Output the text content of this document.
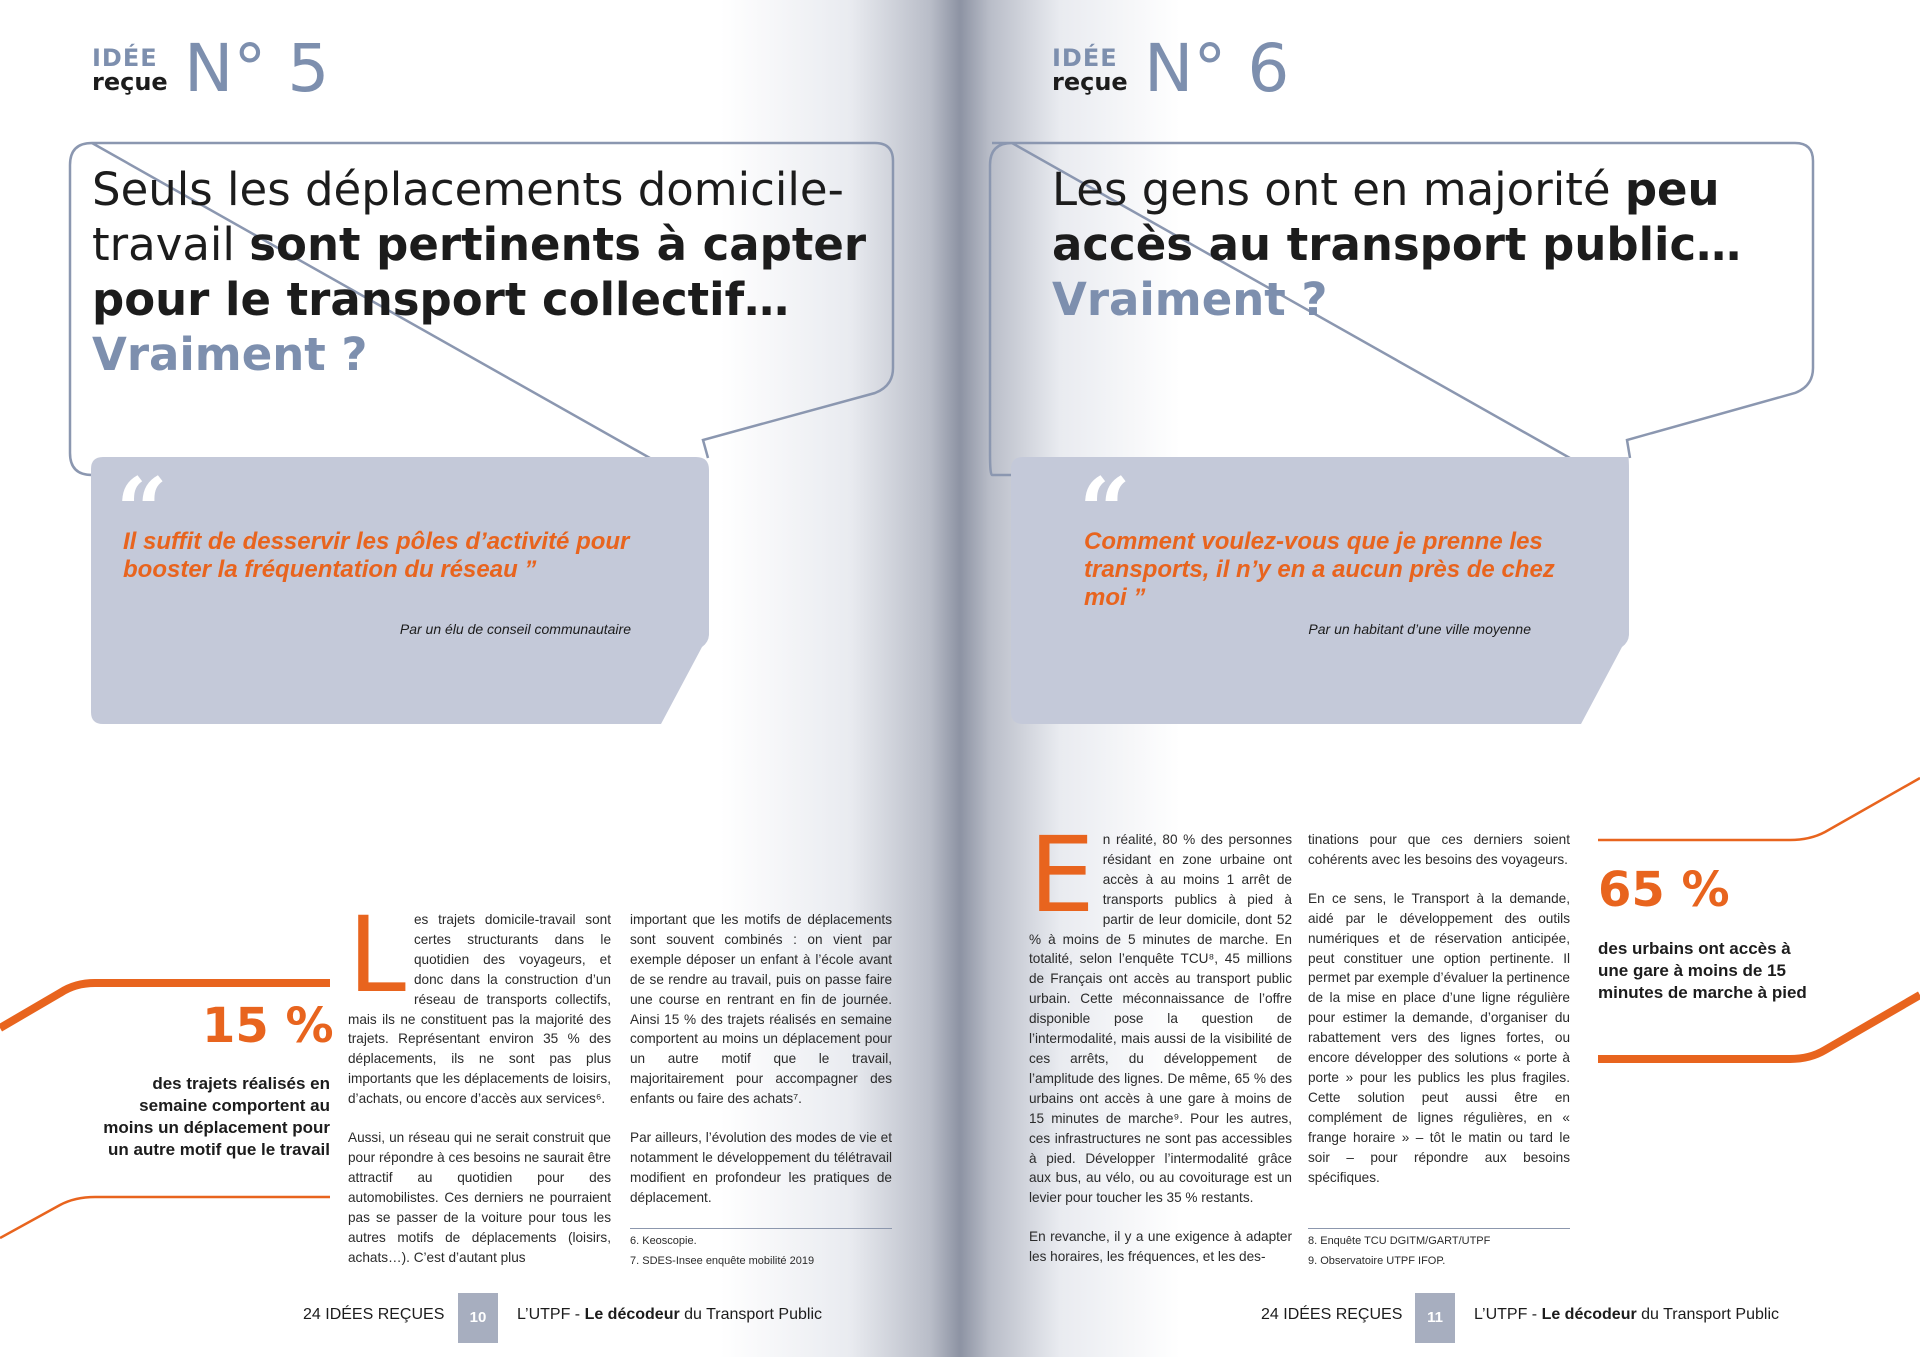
IDÉE
reçue N° 5
Seuls les déplacements domicile-travail sont pertinents à capter pour le transport collectif… Vraiment ?
“

Il suffit de desservir les pôles d’activité pour booster la fréquentation du réseau ”

Par un élu de conseil communautaire

15 %

des trajets réalisés en semaine comportent au moins un déplacement pour un autre motif que le travail

Les trajets domicile-travail sont certes structurants dans le quotidien des voyageurs, et donc dans la construction d’un réseau de transports collectifs, mais ils ne constituent pas la majorité des trajets. Représentant environ 35 % des déplacements, ils ne sont pas plus importants que les déplacements de loisirs, d’achats, ou encore d’accès aux services⁶.

Aussi, un réseau qui ne serait construit que pour répondre à ces besoins ne saurait être attractif au quotidien pour des automobilistes. Ces derniers ne pourraient pas se passer de la voiture pour tous les autres motifs de déplacements (loisirs, achats…). C’est d’autant plus

important que les motifs de déplacements sont souvent combinés : on vient par exemple déposer un enfant à l’école avant de se rendre au travail, puis on passe faire une course en rentrant en fin de journée. Ainsi 15 % des trajets réalisés en semaine comportent au moins un déplacement pour un autre motif que le travail, majoritairement pour accompagner des enfants ou faire des achats⁷.

Par ailleurs, l’évolution des modes de vie et notamment le développement du télétravail modifient en profondeur les pratiques de déplacement.

6. Keoscopie.

7. SDES-Insee enquête mobilité 2019

24 IDÉES REÇUES	10	L’UTPF - Le décodeur du Transport Public
IDÉE
reçue N° 6
Les gens ont en majorité peu accès au transport public… Vraiment ?
“

Comment voulez-vous que je prenne les transports, il n’y en a aucun près de chez moi ”

Par un habitant d’une ville moyenne

65 %

des urbains ont accès à une gare à moins de 15 minutes de marche à pied

En réalité, 80 % des personnes résidant en zone urbaine ont accès à au moins 1 arrêt de transports publics à pied à partir de leur domicile, dont 52 % à moins de 5 minutes de marche. En totalité, selon l’enquête TCU⁸, 45 millions de Français ont accès au transport public urbain. Cette méconnaissance de l’offre disponible pose la question de l’intermodalité, mais aussi de la visibilité de ces arrêts, du développement de l’amplitude des lignes. De même, 65 % des urbains ont accès à une gare à moins de 15 minutes de marche⁹. Pour les autres, ces infrastructures ne sont pas accessibles à pied. Développer l’intermodalité grâce aux bus, au vélo, ou au covoiturage est un levier pour toucher les 35 % restants.

En revanche, il y a une exigence à adapter les horaires, les fréquences, et les des-

tinations pour que ces derniers soient cohérents avec les besoins des voyageurs.

En ce sens, le Transport à la demande, aidé par le développement des outils numériques et de réservation anticipée, peut constituer une option pertinente. Il permet par exemple d’évaluer la pertinence de la mise en place d’une ligne régulière pour estimer la demande, d’organiser du rabattement vers des lignes fortes, ou encore développer des solutions « porte à porte » pour les publics les plus fragiles. Cette solution peut aussi être en complément de lignes régulières, en « frange horaire » – tôt le matin ou tard le soir – pour répondre aux besoins spécifiques.

8. Enquête TCU DGITM/GART/UTPF

9. Observatoire UTPF IFOP.

24 IDÉES REÇUES	11	L’UTPF - Le décodeur du Transport Public
